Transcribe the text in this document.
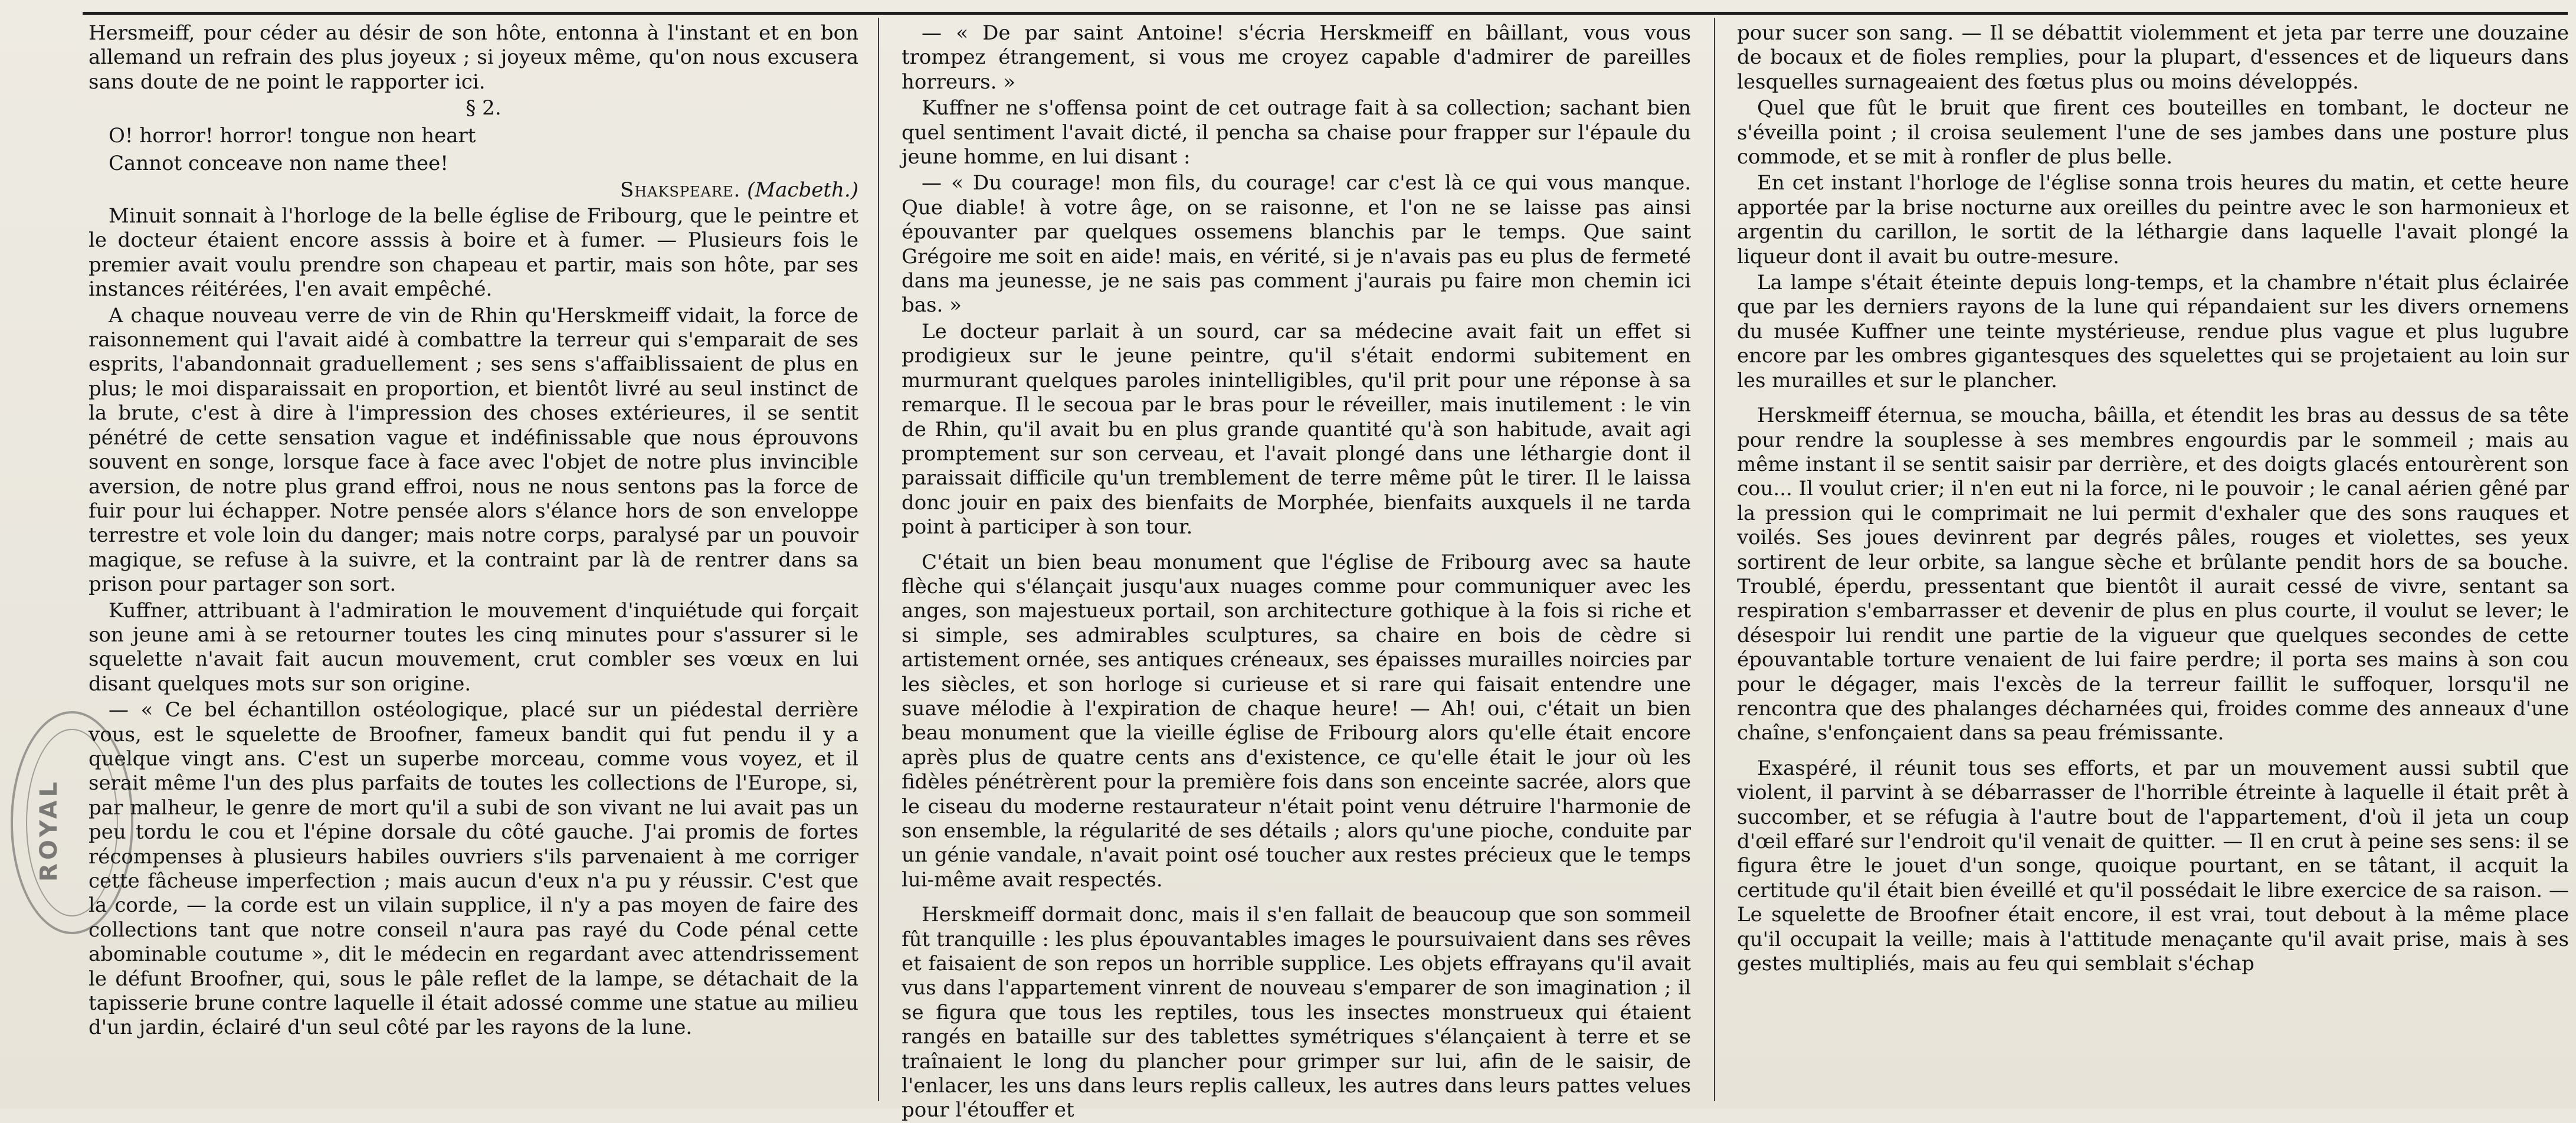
ROYAL

Hersmeiff, pour céder au désir de son hôte, entonna à l'instant et en bon allemand un refrain des plus joyeux ; si joyeux même, qu'on nous excusera sans doute de ne point le rapporter ici.

§ 2.

O! horror! horror! tongue non heart

Cannot conceave non name thee!

Shakspeare. (Macbeth.)

Minuit sonnait à l'horloge de la belle église de Fribourg, que le peintre et le docteur étaient encore asssis à boire et à fumer. — Plusieurs fois le premier avait voulu prendre son chapeau et partir, mais son hôte, par ses instances réitérées, l'en avait empêché.

A chaque nouveau verre de vin de Rhin qu'Herskmeiff vidait, la force de raisonnement qui l'avait aidé à combattre la terreur qui s'emparait de ses esprits, l'abandonnait graduellement ; ses sens s'affaiblissaient de plus en plus; le moi disparaissait en proportion, et bientôt livré au seul instinct de la brute, c'est à dire à l'impression des choses extérieures, il se sentit pénétré de cette sensation vague et indéfinissable que nous éprouvons souvent en songe, lorsque face à face avec l'objet de notre plus invincible aversion, de notre plus grand effroi, nous ne nous sentons pas la force de fuir pour lui échapper. Notre pensée alors s'élance hors de son enveloppe terrestre et vole loin du danger; mais notre corps, paralysé par un pouvoir magique, se refuse à la suivre, et la contraint par là de rentrer dans sa prison pour partager son sort.

Kuffner, attribuant à l'admiration le mouvement d'inquiétude qui forçait son jeune ami à se retourner toutes les cinq minutes pour s'assurer si le squelette n'avait fait aucun mouvement, crut combler ses vœux en lui disant quelques mots sur son origine.

— « Ce bel échantillon ostéologique, placé sur un piédestal derrière vous, est le squelette de Broofner, fameux bandit qui fut pendu il y a quelque vingt ans. C'est un superbe morceau, comme vous voyez, et il serait même l'un des plus parfaits de toutes les collections de l'Europe, si, par malheur, le genre de mort qu'il a subi de son vivant ne lui avait pas un peu tordu le cou et l'épine dorsale du côté gauche. J'ai promis de fortes récompenses à plusieurs habiles ouvriers s'ils parvenaient à me corriger cette fâcheuse imperfection ; mais aucun d'eux n'a pu y réussir. C'est que la corde, — la corde est un vilain supplice, il n'y a pas moyen de faire des collections tant que notre conseil n'aura pas rayé du Code pénal cette abominable coutume », dit le médecin en regardant avec attendrissement le défunt Broofner, qui, sous le pâle reflet de la lampe, se détachait de la tapisserie brune contre laquelle il était adossé comme une statue au milieu d'un jardin, éclairé d'un seul côté par les rayons de la lune.

— « De par saint Antoine! s'écria Herskmeiff en bâillant, vous vous trompez étrangement, si vous me croyez capable d'admirer de pareilles horreurs. »

Kuffner ne s'offensa point de cet outrage fait à sa collection; sachant bien quel sentiment l'avait dicté, il pencha sa chaise pour frapper sur l'épaule du jeune homme, en lui disant :

— « Du courage! mon fils, du courage! car c'est là ce qui vous manque. Que diable! à votre âge, on se raisonne, et l'on ne se laisse pas ainsi épouvanter par quelques ossemens blanchis par le temps. Que saint Grégoire me soit en aide! mais, en vérité, si je n'avais pas eu plus de fermeté dans ma jeunesse, je ne sais pas comment j'aurais pu faire mon chemin ici bas. »

Le docteur parlait à un sourd, car sa médecine avait fait un effet si prodigieux sur le jeune peintre, qu'il s'était endormi subitement en murmurant quelques paroles inintelligibles, qu'il prit pour une réponse à sa remarque. Il le secoua par le bras pour le réveiller, mais inutilement : le vin de Rhin, qu'il avait bu en plus grande quantité qu'à son habitude, avait agi promptement sur son cerveau, et l'avait plongé dans une léthargie dont il paraissait difficile qu'un tremblement de terre même pût le tirer. Il le laissa donc jouir en paix des bienfaits de Morphée, bienfaits auxquels il ne tarda point à participer à son tour.

C'était un bien beau monument que l'église de Fribourg avec sa haute flèche qui s'élançait jusqu'aux nuages comme pour communiquer avec les anges, son majestueux portail, son architecture gothique à la fois si riche et si simple, ses admirables sculptures, sa chaire en bois de cèdre si artistement ornée, ses antiques créneaux, ses épaisses murailles noircies par les siècles, et son horloge si curieuse et si rare qui faisait entendre une suave mélodie à l'expiration de chaque heure! — Ah! oui, c'était un bien beau monument que la vieille église de Fribourg alors qu'elle était encore après plus de quatre cents ans d'existence, ce qu'elle était le jour où les fidèles pénétrèrent pour la première fois dans son enceinte sacrée, alors que le ciseau du moderne restaurateur n'était point venu détruire l'harmonie de son ensemble, la régularité de ses détails ; alors qu'une pioche, conduite par un génie vandale, n'avait point osé toucher aux restes précieux que le temps lui-même avait respectés.

Herskmeiff dormait donc, mais il s'en fallait de beaucoup que son sommeil fût tranquille : les plus épouvantables images le poursuivaient dans ses rêves et faisaient de son repos un horrible supplice. Les objets effrayans qu'il avait vus dans l'appartement vinrent de nouveau s'emparer de son imagination ; il se figura que tous les reptiles, tous les insectes monstrueux qui étaient rangés en bataille sur des tablettes symétriques s'élançaient à terre et se traînaient le long du plancher pour grimper sur lui, afin de le saisir, de l'enlacer, les uns dans leurs replis calleux, les autres dans leurs pattes velues pour l'étouffer et

pour sucer son sang. — Il se débattit violemment et jeta par terre une douzaine de bocaux et de fioles remplies, pour la plupart, d'essences et de liqueurs dans lesquelles surnageaient des fœtus plus ou moins développés.

Quel que fût le bruit que firent ces bouteilles en tombant, le docteur ne s'éveilla point ; il croisa seulement l'une de ses jambes dans une posture plus commode, et se mit à ronfler de plus belle.

En cet instant l'horloge de l'église sonna trois heures du matin, et cette heure apportée par la brise nocturne aux oreilles du peintre avec le son harmonieux et argentin du carillon, le sortit de la léthargie dans laquelle l'avait plongé la liqueur dont il avait bu outre-mesure.

La lampe s'était éteinte depuis long-temps, et la chambre n'était plus éclairée que par les derniers rayons de la lune qui répandaient sur les divers ornemens du musée Kuffner une teinte mystérieuse, rendue plus vague et plus lugubre encore par les ombres gigantesques des squelettes qui se projetaient au loin sur les murailles et sur le plancher.

Herskmeiff éternua, se moucha, bâilla, et étendit les bras au dessus de sa tête pour rendre la souplesse à ses membres engourdis par le sommeil ; mais au même instant il se sentit saisir par derrière, et des doigts glacés entourèrent son cou... Il voulut crier; il n'en eut ni la force, ni le pouvoir ; le canal aérien gêné par la pression qui le comprimait ne lui permit d'exhaler que des sons rauques et voilés. Ses joues devinrent par degrés pâles, rouges et violettes, ses yeux sortirent de leur orbite, sa langue sèche et brûlante pendit hors de sa bouche. Troublé, éperdu, pressentant que bientôt il aurait cessé de vivre, sentant sa respiration s'embarrasser et devenir de plus en plus courte, il voulut se lever; le désespoir lui rendit une partie de la vigueur que quelques secondes de cette épouvantable torture venaient de lui faire perdre; il porta ses mains à son cou pour le dégager, mais l'excès de la terreur faillit le suffoquer, lorsqu'il ne rencontra que des phalanges décharnées qui, froides comme des anneaux d'une chaîne, s'enfonçaient dans sa peau frémissante.

Exaspéré, il réunit tous ses efforts, et par un mouvement aussi subtil que violent, il parvint à se débarrasser de l'horrible étreinte à laquelle il était prêt à succomber, et se réfugia à l'autre bout de l'appartement, d'où il jeta un coup d'œil effaré sur l'endroit qu'il venait de quitter. — Il en crut à peine ses sens: il se figura être le jouet d'un songe, quoique pourtant, en se tâtant, il acquit la certitude qu'il était bien éveillé et qu'il possédait le libre exercice de sa raison. — Le squelette de Broofner était encore, il est vrai, tout debout à la même place qu'il occupait la veille; mais à l'attitude menaçante qu'il avait prise, mais à ses gestes multipliés, mais au feu qui semblait s'échap
